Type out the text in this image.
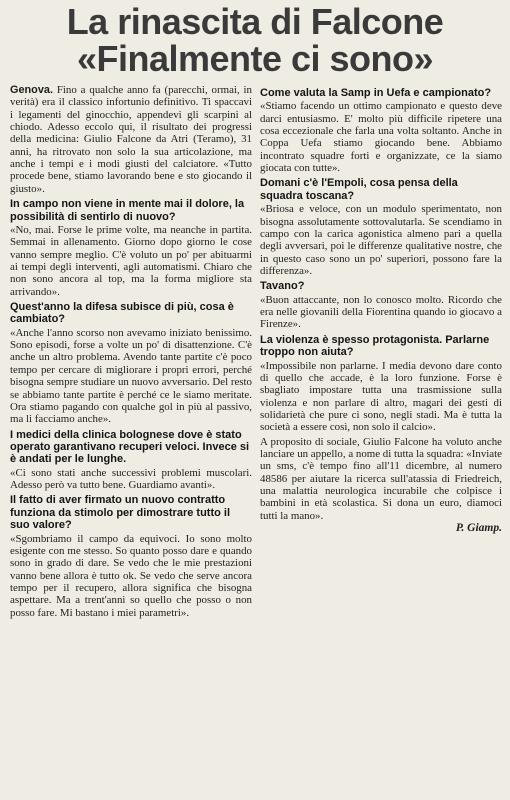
La rinascita di Falcone
«Finalmente ci sono»

Genova. Fino a qualche anno fa (parecchi, ormai, in verità) era il classico infortunio definitivo. Ti spaccavi i legamenti del ginocchio, appendevi gli scarpini al chiodo. Adesso eccolo qui, il risultato dei progressi della medicina: Giulio Falcone da Atri (Teramo), 31 anni, ha ritrovato non solo la sua articolazione, ma anche i tempi e i modi giusti del calciatore. «Tutto procede bene, stiamo lavorando bene e sto giocando il giusto».

In campo non viene in mente mai il dolore, la possibilità di sentirlo di nuovo?

«No, mai. Forse le prime volte, ma neanche in partita. Semmai in allenamento. Giorno dopo giorno le cose vanno sempre meglio. C'è voluto un po' per abituarmi ai tempi degli interventi, agli automatismi. Chiaro che non sono ancora al top, ma la forma migliore sta arrivando».

Quest'anno la difesa subisce di più, cosa è cambiato?

«Anche l'anno scorso non avevamo iniziato benissimo. Sono episodi, forse a volte un po' di disattenzione. C'è anche un altro problema. Avendo tante partite c'è poco tempo per cercare di migliorare i propri errori, perché bisogna sempre studiare un nuovo avversario. Del resto se abbiamo tante partite è perché ce le siamo meritate. Ora stiamo pagando con qualche gol in più al passivo, ma li facciamo anche».

I medici della clinica bolognese dove è stato operato garantivano recuperi veloci. Invece si è andati per le lunghe.

«Ci sono stati anche successivi problemi muscolari. Adesso però va tutto bene. Guardiamo avanti».

Il fatto di aver firmato un nuovo contratto funziona da stimolo per dimostrare tutto il suo valore?

«Sgombriamo il campo da equivoci. Io sono molto esigente con me stesso. So quanto posso dare e quando sono in grado di dare. Se vedo che le mie prestazioni vanno bene allora è tutto ok. Se vedo che serve ancora tempo per il recupero, allora significa che bisogna aspettare. Ma a trent'anni so quello che posso o non posso fare. Mi bastano i miei parametri».

Come valuta la Samp in Uefa e campionato?

«Stiamo facendo un ottimo campionato e questo deve darci entusiasmo. E' molto più difficile ripetere una cosa eccezionale che farla una volta soltanto. Anche in Coppa Uefa stiamo giocando bene. Abbiamo incontrato squadre forti e organizzate, ce la siamo giocata con tutte».

Domani c'è l'Empoli, cosa pensa della squadra toscana?

«Briosa e veloce, con un modulo sperimentato, non bisogna assolutamente sottovalutarla. Se scendiamo in campo con la carica agonistica almeno pari a quella degli avversari, poi le differenze qualitative nostre, che in questo caso sono un po' superiori, possono fare la differenza».

Tavano?

«Buon attaccante, non lo conosco molto. Ricordo che era nelle giovanili della Fiorentina quando io giocavo a Firenze».

La violenza è spesso protagonista. Parlarne troppo non aiuta?

«Impossibile non parlarne. I media devono dare conto di quello che accade, è la loro funzione. Forse è sbagliato impostare tutta una trasmissione sulla violenza e non parlare di altro, magari dei gesti di solidarietà che pure ci sono, negli stadi. Ma è tutta la società a essere così, non solo il calcio».

A proposito di sociale, Giulio Falcone ha voluto anche lanciare un appello, a nome di tutta la squadra: «Inviate un sms, c'è tempo fino all'11 dicembre, al numero 48586 per aiutare la ricerca sull'atassia di Friedreich, una malattia neurologica incurabile che colpisce i bambini in età scolastica. Si dona un euro, diamoci tutti la mano».

P. Giamp.
